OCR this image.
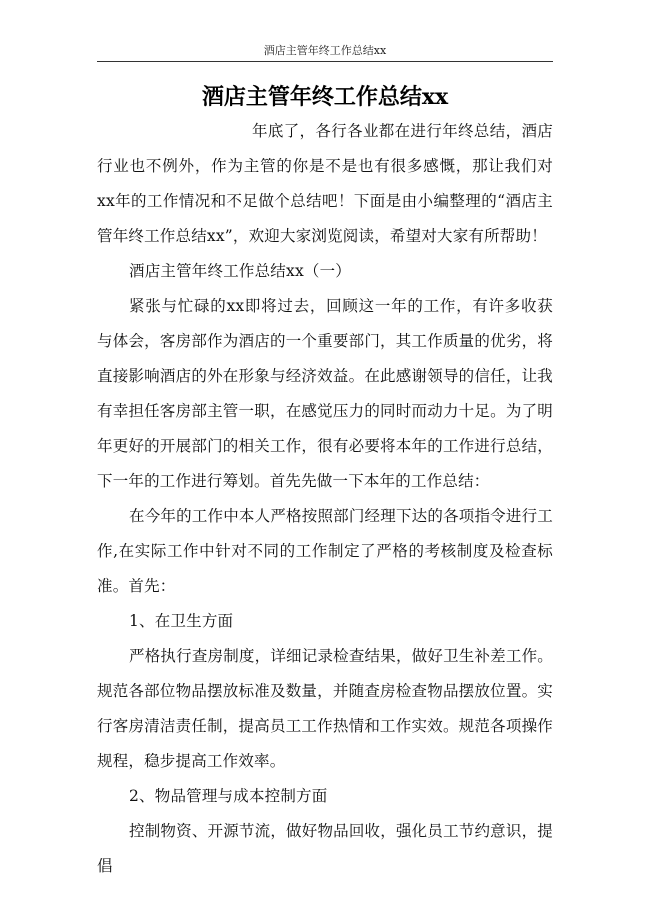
酒店主管年终工作总结xx
酒店主管年终工作总结xx

年底了，各行各业都在进行年终总结，酒店行业也不例外，作为主管的你是不是也有很多感慨，那让我们对xx年的工作情况和不足做个总结吧！下面是由小编整理的“酒店主管年终工作总结xx”，欢迎大家浏览阅读，希望对大家有所帮助！

酒店主管年终工作总结xx（一）

紧张与忙碌的xx即将过去，回顾这一年的工作，有许多收获与体会，客房部作为酒店的一个重要部门，其工作质量的优劣，将直接影响酒店的外在形象与经济效益。在此感谢领导的信任，让我有幸担任客房部主管一职，在感觉压力的同时而动力十足。为了明年更好的开展部门的相关工作，很有必要将本年的工作进行总结，下一年的工作进行筹划。首先先做一下本年的工作总结：

在今年的工作中本人严格按照部门经理下达的各项指令进行工作,在实际工作中针对不同的工作制定了严格的考核制度及检查标准。首先：

1、在卫生方面

严格执行查房制度，详细记录检查结果，做好卫生补差工作。规范各部位物品摆放标准及数量，并随查房检查物品摆放位置。实行客房清洁责任制，提高员工工作热情和工作实效。规范各项操作规程，稳步提高工作效率。

2、物品管理与成本控制方面

控制物资、开源节流，做好物品回收，强化员工节约意识，提倡
